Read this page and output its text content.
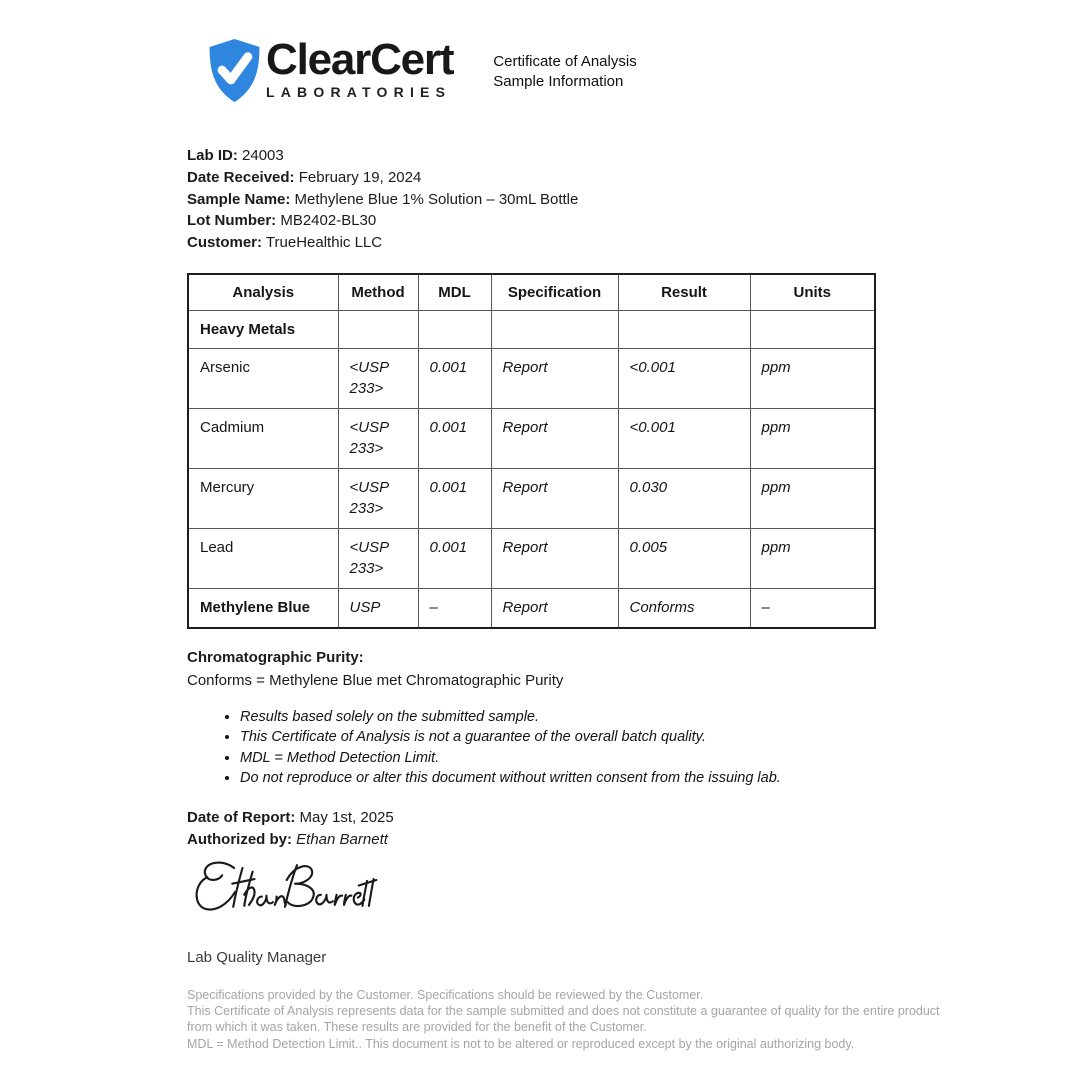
ClearCert
LABORATORIES
Certificate of Analysis
Sample Information
Lab ID: 24003
Date Received: February 19, 2024
Sample Name: Methylene Blue 1% Solution – 30mL Bottle
Lot Number: MB2402-BL30
Customer: TrueHealthic LLC
Analysis	Method	MDL	Specification	Result	Units
Heavy Metals					
Arsenic	<USP 233>	0.001	Report	<0.001	ppm
Cadmium	<USP 233>	0.001	Report	<0.001	ppm
Mercury	<USP 233>	0.001	Report	0.030	ppm
Lead	<USP 233>	0.001	Report	0.005	ppm
Methylene Blue	USP	–	Report	Conforms	–
Chromatographic Purity:
Conforms = Methylene Blue met Chromatographic Purity
• Results based solely on the submitted sample.
• This Certificate of Analysis is not a guarantee of the overall batch quality.
• MDL = Method Detection Limit.
• Do not reproduce or alter this document without written consent from the issuing lab.
Date of Report: May 1st, 2025
Authorized by: Ethan Barnett
Lab Quality Manager
Specifications provided by the Customer. Specifications should be reviewed by the Customer.
This Certificate of Analysis represents data for the sample submitted and does not constitute a guarantee of quality for the entire product
from which it was taken. These results are provided for the benefit of the Customer.
MDL = Method Detection Limit.. This document is not to be altered or reproduced except by the original authorizing body.
